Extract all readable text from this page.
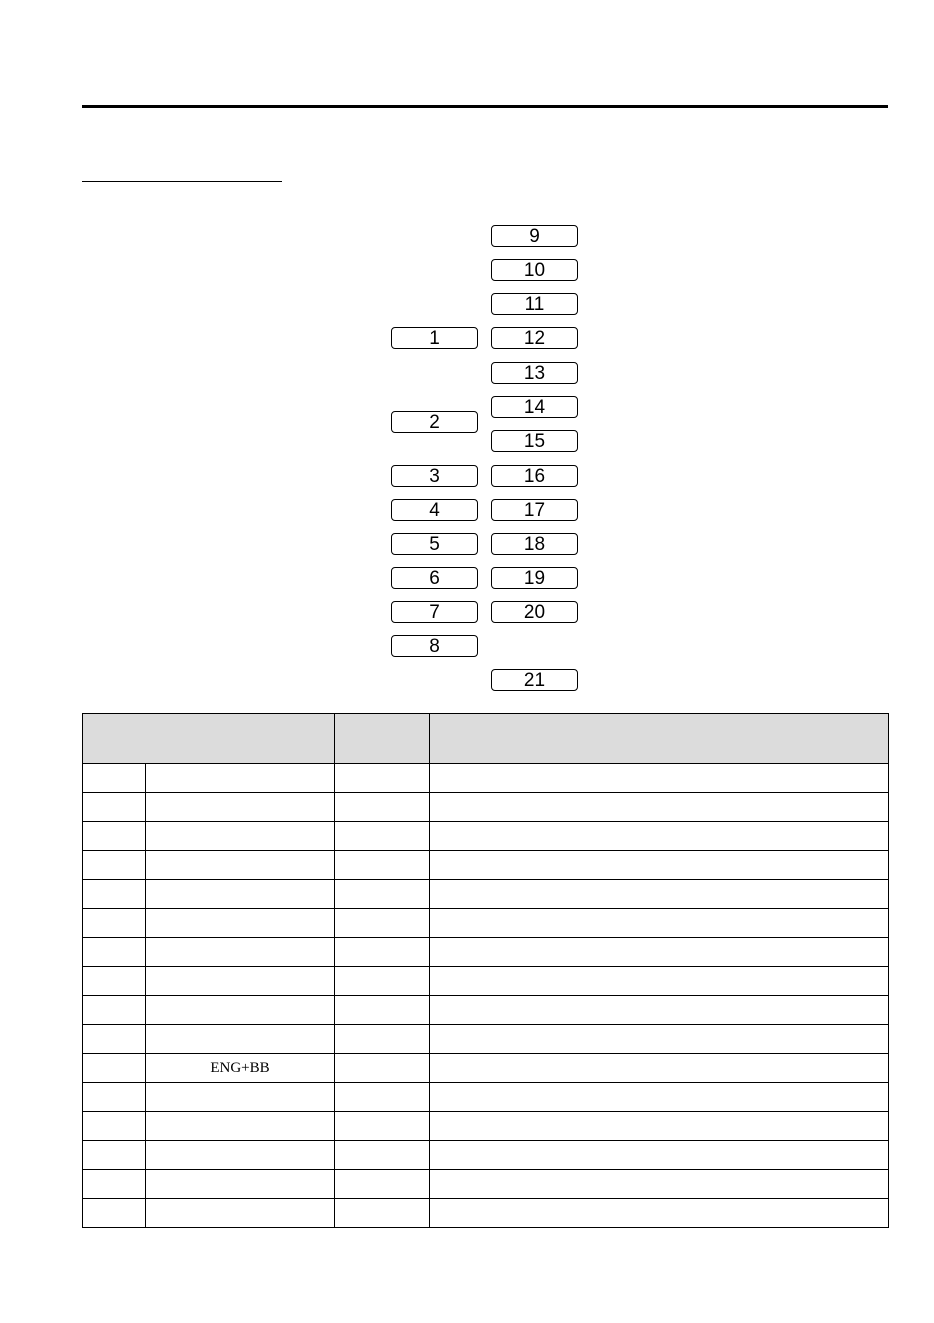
1
2
3
4
5
6
7
8
9
10
11
12
13
14
15
16
17
18
19
20
21

	ENG+BB		
